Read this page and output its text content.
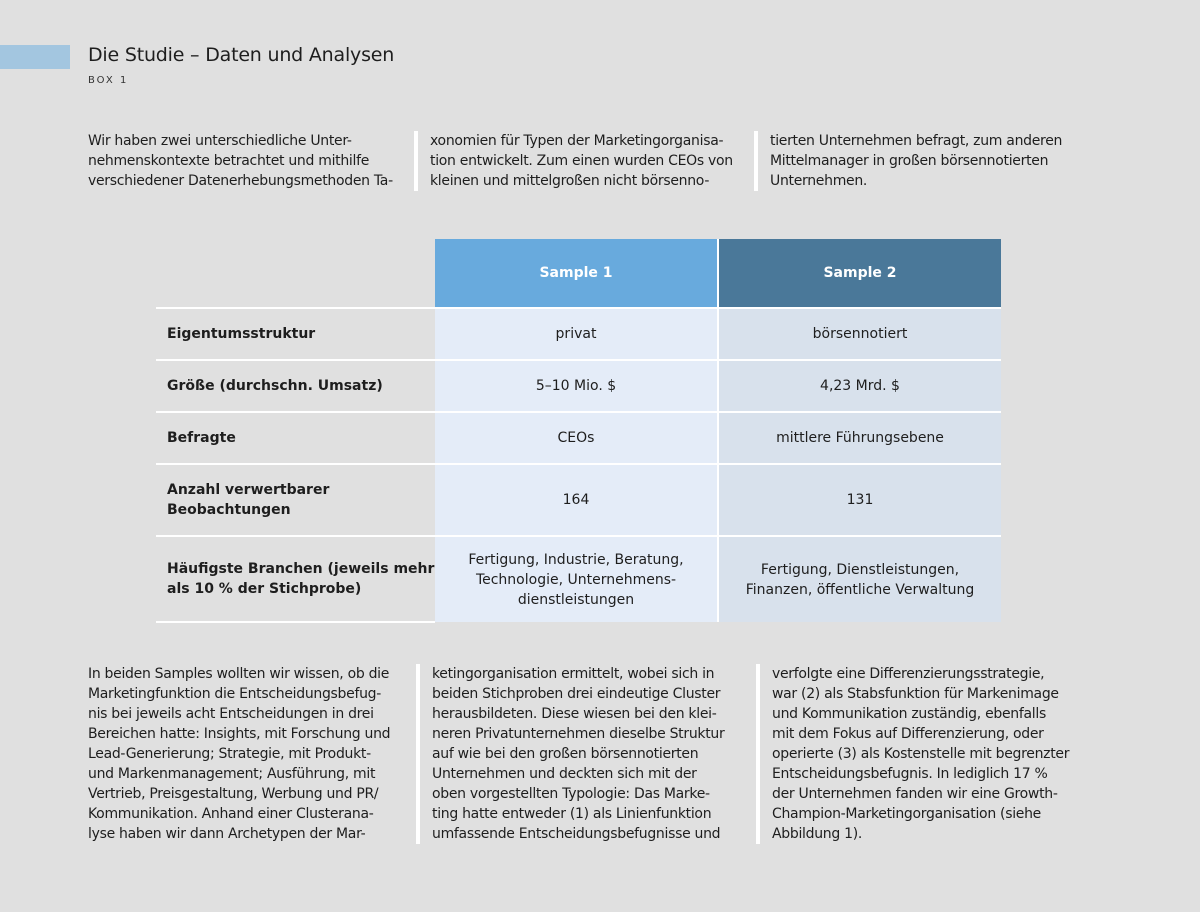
Die Studie – Daten und Analysen
BOX 1
Wir haben zwei unterschiedliche Unter-
nehmenskontexte betrachtet und mithilfe
verschiedener Datenerhebungsmethoden Ta-
xonomien für Typen der Marketingorganisa-
tion entwickelt. Zum einen wurden CEOs von
kleinen und mittelgroßen nicht börsenno-
tierten Unternehmen befragt, zum anderen
Mittelmanager in großen börsennotierten
Unternehmen.
	Sample 1	Sample 2
Eigentumsstruktur	privat	börsennotiert
Größe (durchschn. Umsatz)	5–10 Mio. $	4,23 Mrd. $
Befragte	CEOs	mittlere Führungsebene
Anzahl verwertbarer
Beobachtungen	164	131
Häufigste Branchen (jeweils mehr
als 10 % der Stichprobe)	Fertigung, Industrie, Beratung,
Technologie, Unternehmens-
dienstleistungen	Fertigung, Dienstleistungen,
Finanzen, öffentliche Verwaltung
In beiden Samples wollten wir wissen, ob die
Marketingfunktion die Entscheidungsbefug-
nis bei jeweils acht Entscheidungen in drei
Bereichen hatte: Insights, mit Forschung und
Lead-Generierung; Strategie, mit Produkt-
und Markenmanagement; Ausführung, mit
Vertrieb, Preisgestaltung, Werbung und PR/
Kommunikation. Anhand einer Clusterana-
lyse haben wir dann Archetypen der Mar-
ketingorganisation ermittelt, wobei sich in
beiden Stichproben drei eindeutige Cluster
herausbildeten. Diese wiesen bei den klei-
neren Privatunternehmen dieselbe Struktur
auf wie bei den großen börsennotierten
Unternehmen und deckten sich mit der
oben vorgestellten Typologie: Das Marke-
ting hatte entweder (1) als Linienfunktion
umfassende Entscheidungsbefugnisse und
verfolgte eine Differenzierungsstrategie,
war (2) als Stabsfunktion für Markenimage
und Kommunikation zuständig, ebenfalls
mit dem Fokus auf Differenzierung, oder
operierte (3) als Kostenstelle mit begrenzter
Entscheidungsbefugnis. In lediglich 17 %
der Unternehmen fanden wir eine Growth-
Champion-Marketingorganisation (siehe
Abbildung 1).
